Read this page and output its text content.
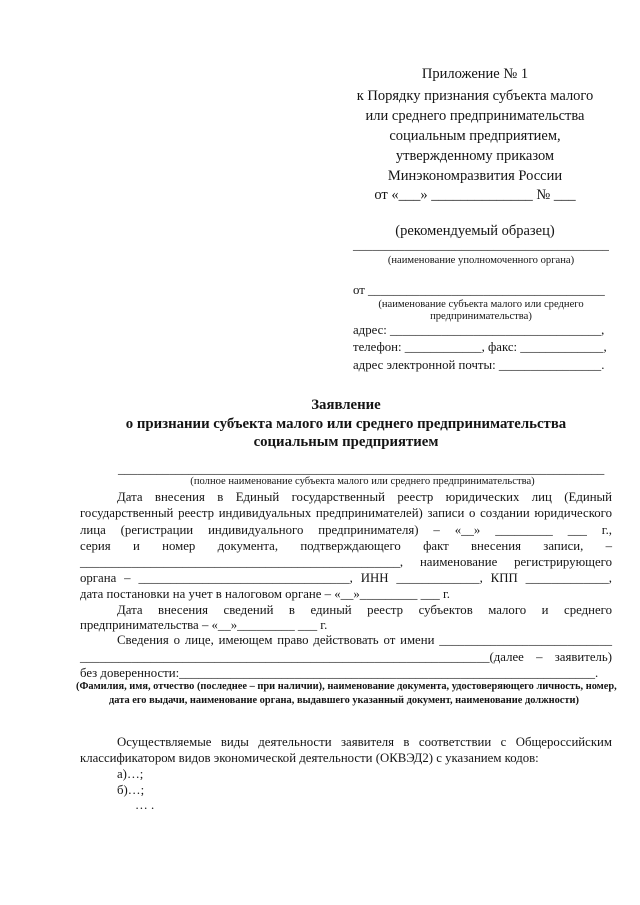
Приложение № 1
к Порядку признания субъекта малого
или среднего предпринимательства
социальным предприятием,
утвержденному приказом
Минэкономразвития России
от «___» ______________ № ___
(рекомендуемый образец)
________________________________________
(наименование уполномоченного органа)
от _____________________________________
(наименование субъекта малого или среднего
предпринимательства)
адрес: _________________________________,
телефон: ____________, факс: _____________,
адрес электронной почты: ________________.
Заявление
о признании субъекта малого или среднего предпринимательства
социальным предприятием
____________________________________________________________________________
(полное наименование субъекта малого или среднего предпринимательства)
Дата внесения в Единый государственный реестр юридических лиц (Единый
государственный реестр индивидуальных предпринимателей) записи о создании юридического
лица (регистрации индивидуального предпринимателя) – «__» _________ ___ г.,
серия и номер документа, подтверждающего факт внесения записи, –
__________________________________________________, наименование регистрирующего
органа – _________________________________, ИНН _____________, КПП _____________,
дата постановки на учет в налоговом органе – «__»_________ ___ г.
Дата внесения сведений в единый реестр субъектов малого и среднего
предпринимательства – «__»_________ ___ г.
Сведения о лице, имеющем право действовать от имени ___________________________
________________________________________________________________(далее – заявитель)
без доверенности:_________________________________________________________________.
(Фамилия, имя, отчество (последнее – при наличии), наименование документа, удостоверяющего личность, номер,
дата его выдачи, наименование органа, выдавшего указанный документ, наименование должности)
Осуществляемые виды деятельности заявителя в соответствии с Общероссийским
классификатором видов экономической деятельности (ОКВЭД2) с указанием кодов:
а)…;
б)…;
… .
